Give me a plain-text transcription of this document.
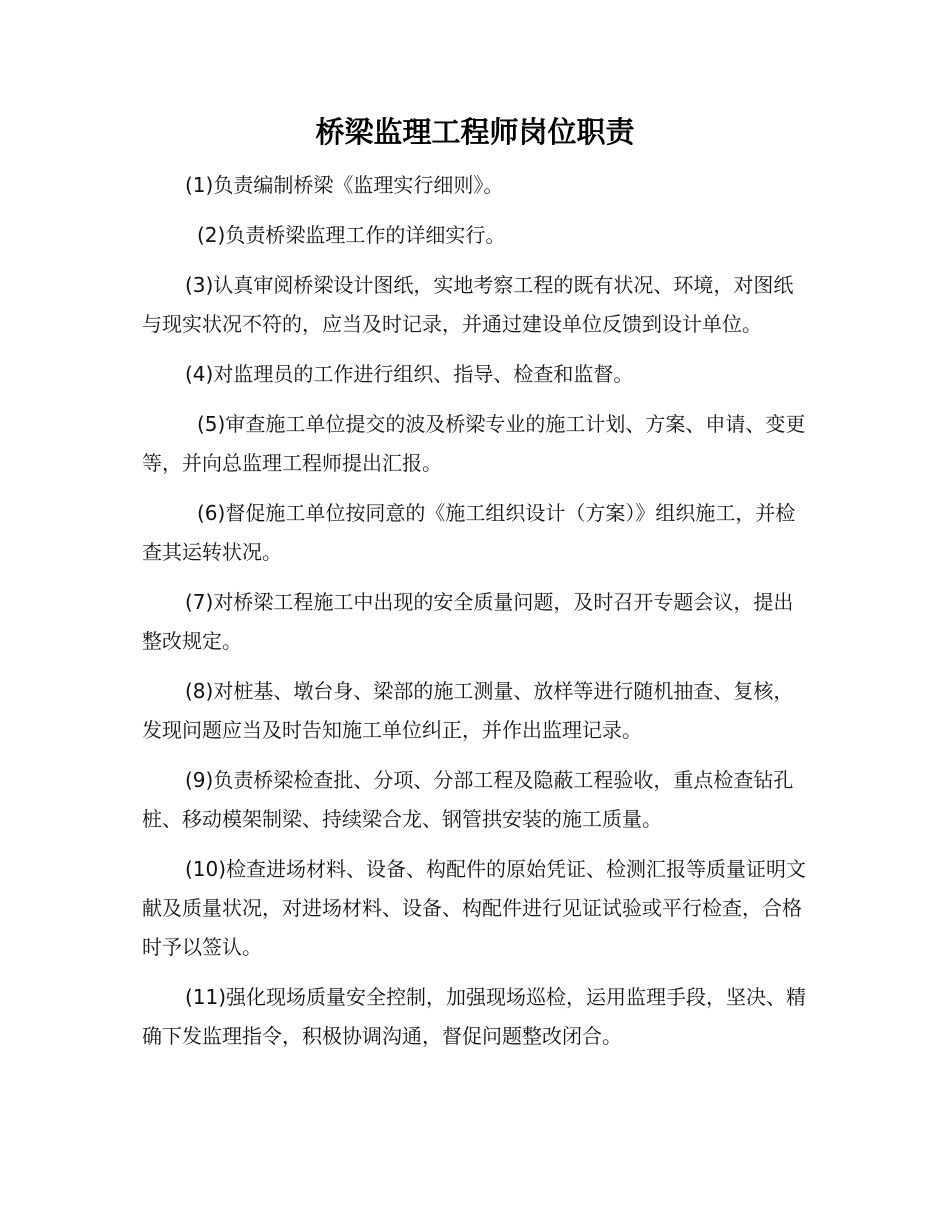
桥梁监理工程师岗位职责

(1)负责编制桥梁《监理实行细则》。

(2)负责桥梁监理工作的详细实行。

(3)认真审阅桥梁设计图纸，实地考察工程的既有状况、环境，对图纸与现实状况不符的，应当及时记录，并通过建设单位反馈到设计单位。

(4)对监理员的工作进行组织、指导、检查和监督。

(5)审查施工单位提交的波及桥梁专业的施工计划、方案、申请、变更等，并向总监理工程师提出汇报。

(6)督促施工单位按同意的《施工组织设计（方案）》组织施工，并检查其运转状况。

(7)对桥梁工程施工中出现的安全质量问题，及时召开专题会议，提出整改规定。

(8)对桩基、墩台身、梁部的施工测量、放样等进行随机抽查、复核，发现问题应当及时告知施工单位纠正，并作出监理记录。

(9)负责桥梁检查批、分项、分部工程及隐蔽工程验收，重点检查钻孔桩、移动模架制梁、持续梁合龙、钢管拱安装的施工质量。

(10)检查进场材料、设备、构配件的原始凭证、检测汇报等质量证明文献及质量状况，对进场材料、设备、构配件进行见证试验或平行检查，合格时予以签认。

(11)强化现场质量安全控制，加强现场巡检，运用监理手段，坚决、精确下发监理指令，积极协调沟通，督促问题整改闭合。
